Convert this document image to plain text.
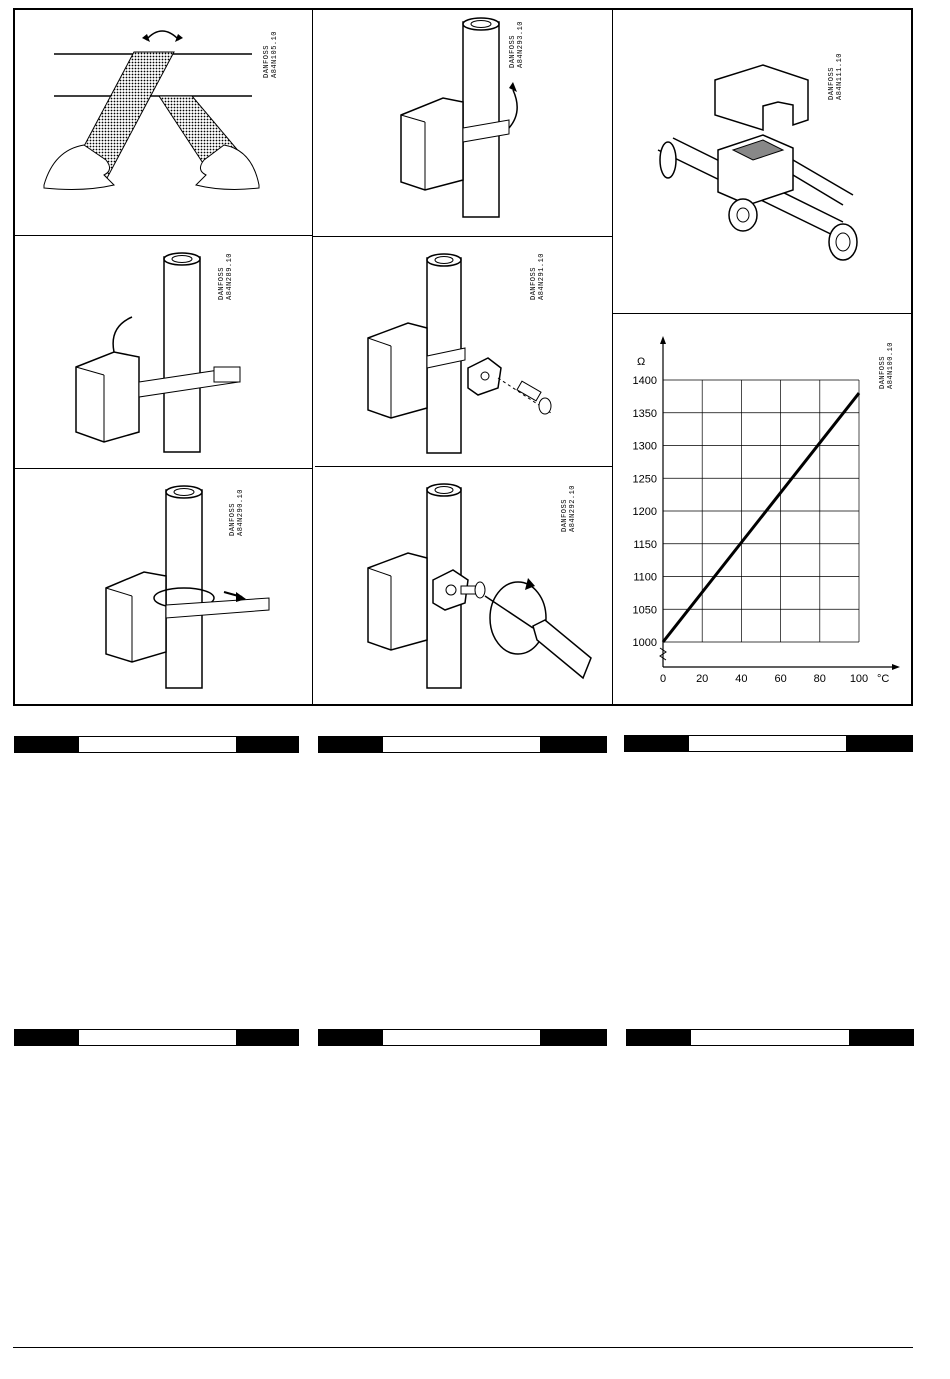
DANFOSS
A84N105.10	DANFOSS
A84N293.10
DANFOSS
A84N111.10
DANFOSS
A84N289.10	DANFOSS
A84N291.10
DANFOSS
A84N290.10	DANFOSS
A84N292.10
1000
1050
1100
1150
1200
1250
1300
1350
1400
0	20 40 60 80 100
Ω
°C
DANFOSS
A84N100.10
